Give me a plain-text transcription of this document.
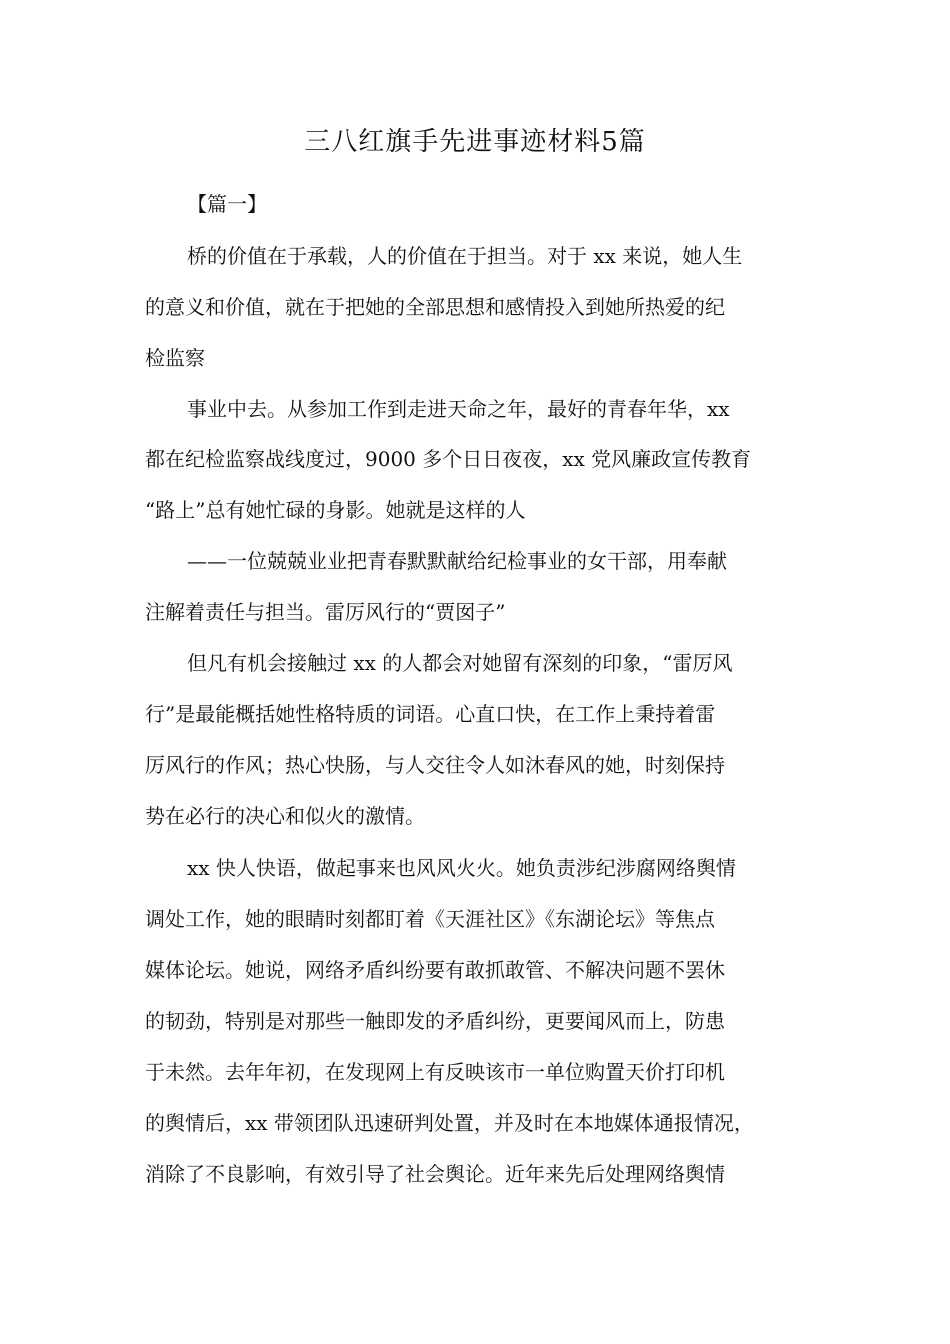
三八红旗手先进事迹材料5篇
【篇一】
桥的价值在于承载，人的价值在于担当。对于 xx 来说，她人生
的意义和价值，就在于把她的全部思想和感情投入到她所热爱的纪
检监察
事业中去。从参加工作到走进天命之年，最好的青春年华，xx
都在纪检监察战线度过，9000 多个日日夜夜，xx 党风廉政宣传教育
“路上”总有她忙碌的身影。她就是这样的人
——一位兢兢业业把青春默默献给纪检事业的女干部，用奉献
注解着责任与担当。雷厉风行的“贾囡子”
但凡有机会接触过 xx 的人都会对她留有深刻的印象，“雷厉风
行”是最能概括她性格特质的词语。心直口快，在工作上秉持着雷
厉风行的作风；热心快肠，与人交往令人如沐春风的她，时刻保持
势在必行的决心和似火的激情。
xx 快人快语，做起事来也风风火火。她负责涉纪涉腐网络舆情
调处工作，她的眼睛时刻都盯着《天涯社区》《东湖论坛》等焦点
媒体论坛。她说，网络矛盾纠纷要有敢抓敢管、不解决问题不罢休
的韧劲，特别是对那些一触即发的矛盾纠纷，更要闻风而上，防患
于未然。去年年初，在发现网上有反映该市一单位购置天价打印机
的舆情后，xx 带领团队迅速研判处置，并及时在本地媒体通报情况，
消除了不良影响，有效引导了社会舆论。近年来先后处理网络舆情
